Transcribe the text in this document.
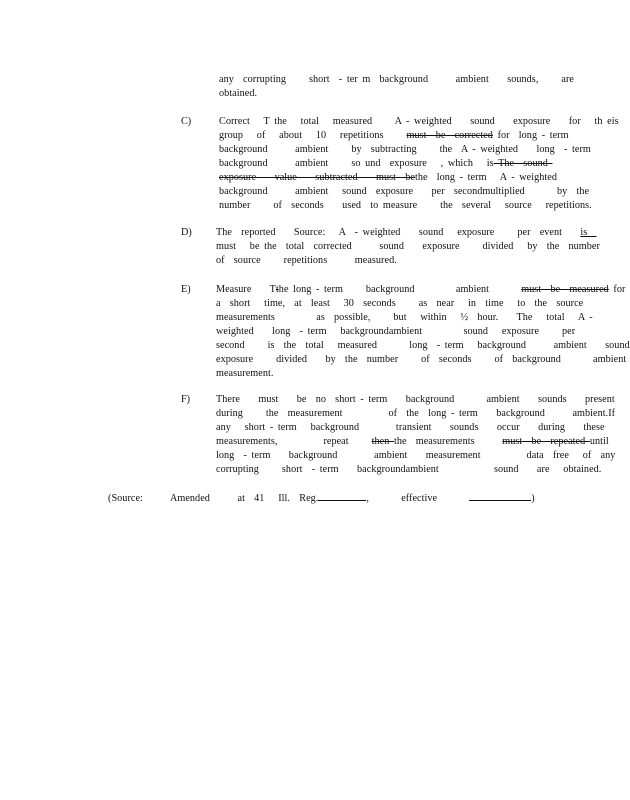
any  corrupting     short  - ter m  background      ambient    sounds,     are
obtained.
C)	Correct   T the   total   measured     A - weighted    sound    exposure    for   th eis
group   of   about   10   repetitions must  be  corrected for  long - term
background      ambient     by  subtracting     the  A - weighted    long  - term
background      ambient     so und  exposure   , which   is The  sound
exposure    value    subtracted    must  bethe  long - term   A - weighted
background      ambient   sound  exposure    per  secondmultiplied       by  the
number     of  seconds    used  to measure     the  several   source   repetitions.
D) The  reported    Source:   A  - weighted    sound   exposure     per  event is
must   be the  total  corrected      sound    exposure     divided   by  the  number
of  source     repetitions      measured.
E) Measure    Tthe long - term     background         ambient	must  be  measured for
a  short   time,  at  least   30  seconds     as  near   in  time   to  the  source
measurements         as  possible,     but   within   ½  hour.    The   total   A -
weighted    long  - term   backgroundambient         sound   exposure     per
second     is  the  total   measured       long  - term   background      ambient    sound
exposure     divided    by  the  number     of  seconds     of  background       ambient
measurement.
F)	There    must    be  no  short - term    background       ambient    sounds    present
during     the  measurement          of  the  long - term    background      ambient.If
any   short - term   background        transient    sounds    occur    during    these
measurements,          repeat then the  measurements	must  be  repeated until
long  - term    background        ambient    measurement          data  free   of  any
corrupting     short  - term    backgroundambient            sound    are   obtained.
(Source:	Amended	at  41   Ill.  Reg.	,	effective	)
